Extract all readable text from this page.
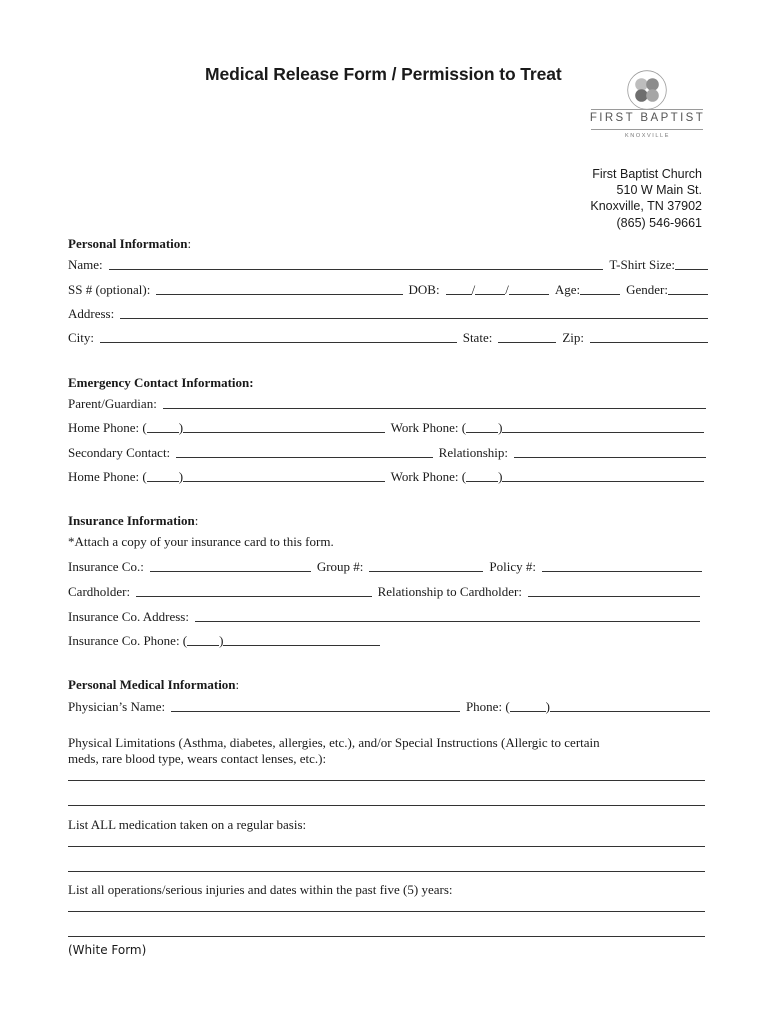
Medical Release Form / Permission to Treat
FIRST BAPTIST
KNOXVILLE
First Baptist Church
510 W Main St.
Knoxville, TN 37902
(865) 546-9661
Personal Information:
Name:	T-Shirt Size:
SS # (optional):	DOB: / /	Age:	Gender:
Address:
City:	State:	Zip:
Emergency Contact Information:
Parent/Guardian:
Home Phone: ( )	Work Phone: ( )
Secondary Contact:	Relationship:
Home Phone: ( )	Work Phone: ( )
Insurance Information:
*Attach a copy of your insurance card to this form.
Insurance Co.:	Group #:	Policy #:
Cardholder:	Relationship to Cardholder:
Insurance Co. Address:
Insurance Co. Phone: ( )
Personal Medical Information:
Physician’s Name:	Phone: (	)
Physical Limitations (Asthma, diabetes, allergies, etc.), and/or Special Instructions (Allergic to certain
meds, rare blood type, wears contact lenses, etc.):
List ALL medication taken on a regular basis:
List all operations/serious injuries and dates within the past five (5) years:
(White Form)
